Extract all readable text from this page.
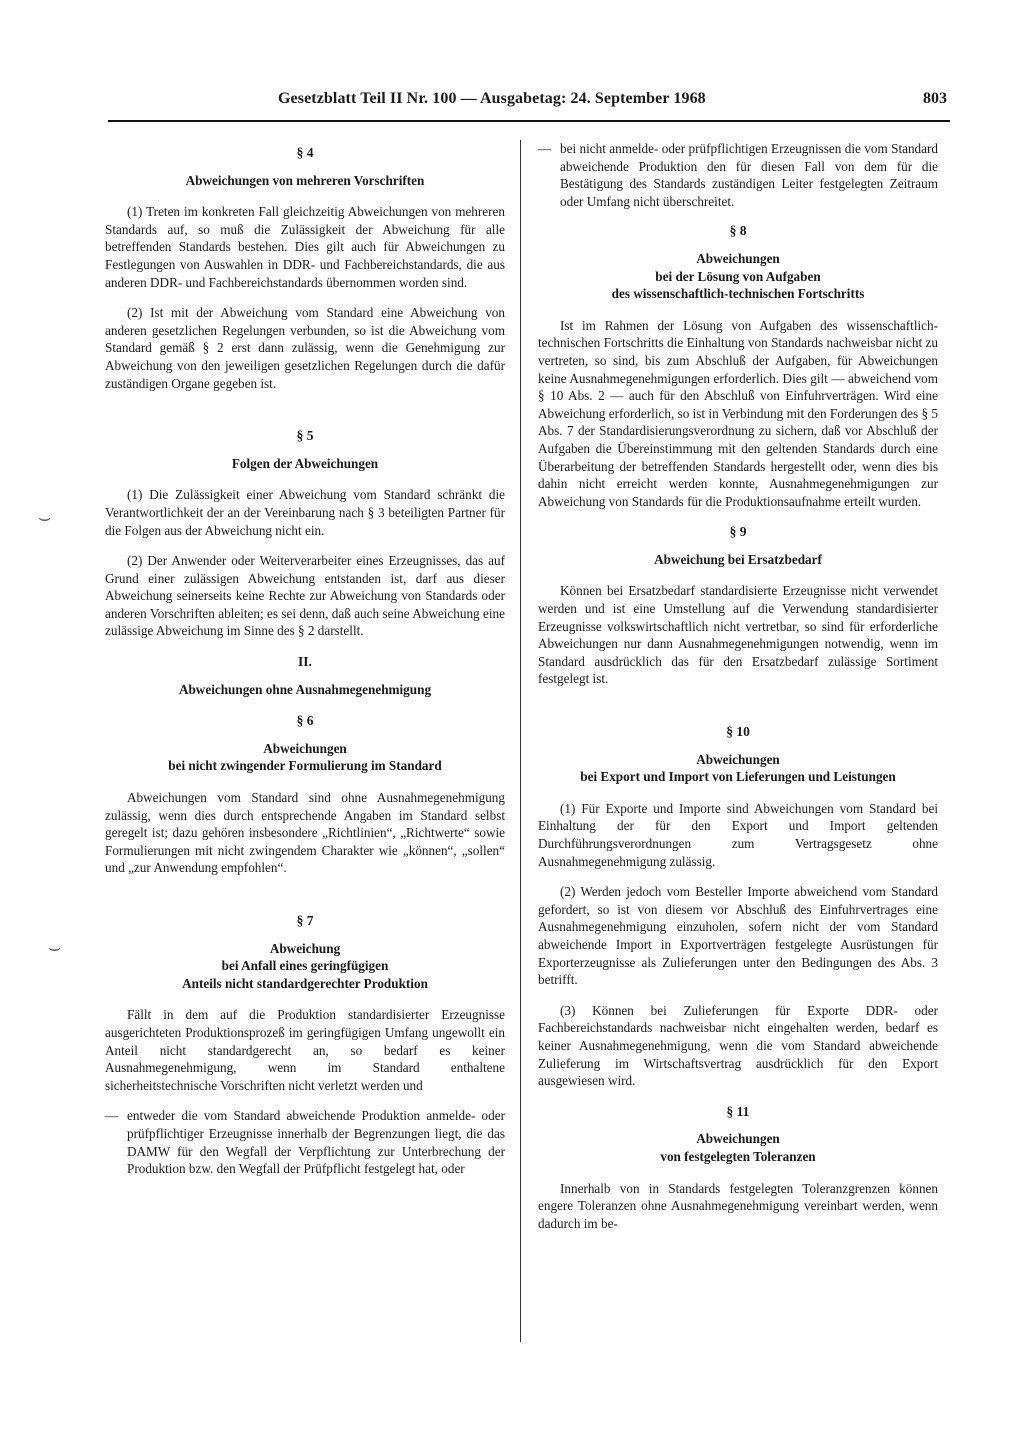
Gesetzblatt Teil II Nr. 100 — Ausgabetag: 24. September 1968	803
⌣
⌣
§ 4
Abweichungen von mehreren Vorschriften

(1) Treten im konkreten Fall gleichzeitig Abweichungen von mehreren Standards auf, so muß die Zulässigkeit der Abweichung für alle betreffenden Standards bestehen. Dies gilt auch für Abweichungen zu Festlegungen von Auswahlen in DDR- und Fachbereichstandards, die aus anderen DDR- und Fachbereichstandards übernommen worden sind.

(2) Ist mit der Abweichung vom Standard eine Abweichung von anderen gesetzlichen Regelungen verbunden, so ist die Abweichung vom Standard gemäß § 2 erst dann zulässig, wenn die Genehmigung zur Abweichung von den jeweiligen gesetzlichen Regelungen durch die dafür zuständigen Organe gegeben ist.

§ 5
Folgen der Abweichungen

(1) Die Zulässigkeit einer Abweichung vom Standard schränkt die Verantwortlichkeit der an der Vereinbarung nach § 3 beteiligten Partner für die Folgen aus der Abweichung nicht ein.

(2) Der Anwender oder Weiterverarbeiter eines Erzeugnisses, das auf Grund einer zulässigen Abweichung entstanden ist, darf aus dieser Abweichung seinerseits keine Rechte zur Abweichung von Standards oder anderen Vorschriften ableiten; es sei denn, daß auch seine Abweichung eine zulässige Abweichung im Sinne des § 2 darstellt.

II.
Abweichungen ohne Ausnahmegenehmigung
§ 6
Abweichungen
bei nicht zwingender Formulierung im Standard

Abweichungen vom Standard sind ohne Ausnahmegenehmigung zulässig, wenn dies durch entsprechende Angaben im Standard selbst geregelt ist; dazu gehören insbesondere „Richtlinien“, „Richtwerte“ sowie Formulierungen mit nicht zwingendem Charakter wie „können“, „sollen“ und „zur Anwendung empfohlen“.

§ 7
Abweichung
bei Anfall eines geringfügigen
Anteils nicht standardgerechter Produktion

Fällt in dem auf die Produktion standardisierter Erzeugnisse ausgerichteten Produktionsprozeß im geringfügigen Umfang ungewollt ein Anteil nicht standardgerecht an, so bedarf es keiner Ausnahmegenehmigung, wenn im Standard enthaltene sicherheitstechnische Vorschriften nicht verletzt werden und

— entweder die vom Standard abweichende Produktion anmelde- oder prüfpflichtiger Erzeugnisse innerhalb der Begrenzungen liegt, die das DAMW für den Wegfall der Verpflichtung zur Unterbrechung der Produktion bzw. den Wegfall der Prüfpflicht festgelegt hat, oder
— bei nicht anmelde- oder prüfpflichtigen Erzeugnissen die vom Standard abweichende Produktion den für diesen Fall von dem für die Bestätigung des Standards zuständigen Leiter festgelegten Zeitraum oder Umfang nicht überschreitet.
§ 8
Abweichungen
bei der Lösung von Aufgaben
des wissenschaftlich-technischen Fortschritts

Ist im Rahmen der Lösung von Aufgaben des wissenschaftlich-technischen Fortschritts die Einhaltung von Standards nachweisbar nicht zu vertreten, so sind, bis zum Abschluß der Aufgaben, für Abweichungen keine Ausnahmegenehmigungen erforderlich. Dies gilt — abweichend vom § 10 Abs. 2 — auch für den Abschluß von Einfuhrverträgen. Wird eine Abweichung erforderlich, so ist in Verbindung mit den Forderungen des § 5 Abs. 7 der Standardisierungsverordnung zu sichern, daß vor Abschluß der Aufgaben die Übereinstimmung mit den geltenden Standards durch eine Überarbeitung der betreffenden Standards hergestellt oder, wenn dies bis dahin nicht erreicht werden konnte, Ausnahmegenehmigungen zur Abweichung von Standards für die Produktionsaufnahme erteilt wurden.

§ 9
Abweichung bei Ersatzbedarf

Können bei Ersatzbedarf standardisierte Erzeugnisse nicht verwendet werden und ist eine Umstellung auf die Verwendung standardisierter Erzeugnisse volkswirtschaftlich nicht vertretbar, so sind für erforderliche Abweichungen nur dann Ausnahmegenehmigungen notwendig, wenn im Standard ausdrücklich das für den Ersatzbedarf zulässige Sortiment festgelegt ist.

§ 10
Abweichungen
bei Export und Import von Lieferungen und Leistungen

(1) Für Exporte und Importe sind Abweichungen vom Standard bei Einhaltung der für den Export und Import geltenden Durchführungsverordnungen zum Vertragsgesetz ohne Ausnahmegenehmigung zulässig.

(2) Werden jedoch vom Besteller Importe abweichend vom Standard gefordert, so ist von diesem vor Abschluß des Einfuhrvertrages eine Ausnahmegenehmigung einzuholen, sofern nicht der vom Standard abweichende Import in Exportverträgen festgelegte Ausrüstungen für Exporterzeugnisse als Zulieferungen unter den Bedingungen des Abs. 3 betrifft.

(3) Können bei Zulieferungen für Exporte DDR- oder Fachbereichstandards nachweisbar nicht eingehalten werden, bedarf es keiner Ausnahmegenehmigung, wenn die vom Standard abweichende Zulieferung im Wirtschaftsvertrag ausdrücklich für den Export ausgewiesen wird.

§ 11
Abweichungen
von festgelegten Toleranzen

Innerhalb von in Standards festgelegten Toleranzgrenzen können engere Toleranzen ohne Ausnahmegenehmigung vereinbart werden, wenn dadurch im be-
